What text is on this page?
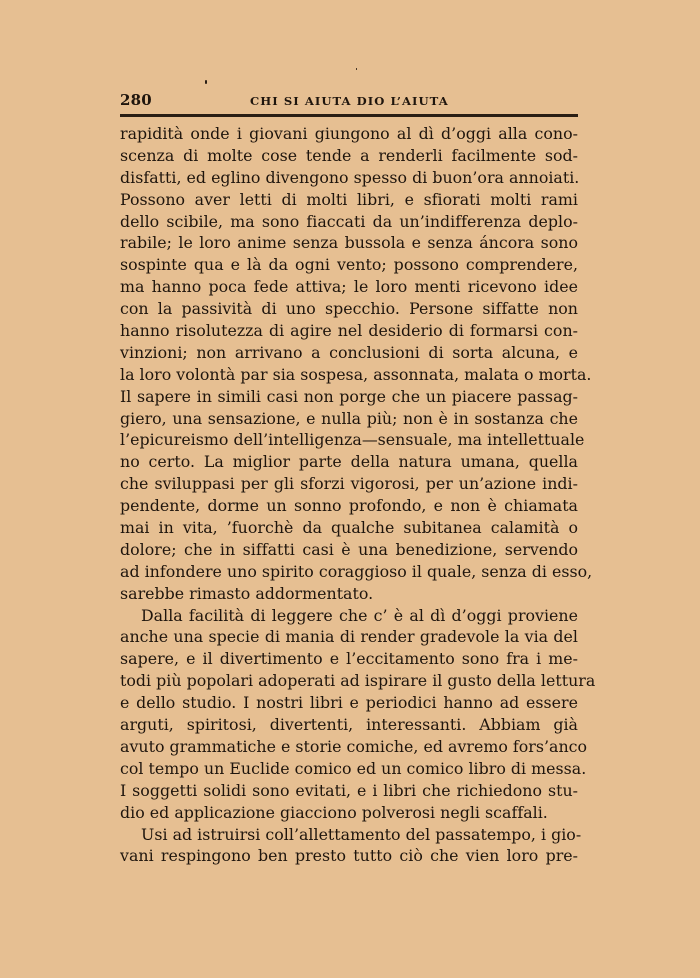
280	CHI SI AIUTA DIO L’AIUTA
rapidità onde i giovani giungono al dì d’oggi alla cono-
scenza di molte cose tende a renderli facilmente sod-
disfatti, ed eglino divengono spesso di buon’ora annoiati.
Possono aver letti di molti libri, e sfiorati molti rami
dello scibile, ma sono fiaccati da un’indifferenza deplo-
rabile; le loro anime senza bussola e senza áncora sono
sospinte qua e là da ogni vento; possono comprendere,
ma hanno poca fede attiva; le loro menti ricevono idee
con la passività di uno specchio. Persone siffatte non
hanno risolutezza di agire nel desiderio di formarsi con-
vinzioni; non arrivano a conclusioni di sorta alcuna, e
la loro volontà par sia sospesa, assonnata, malata o morta.
Il sapere in simili casi non porge che un piacere passag-
giero, una sensazione, e nulla più; non è in sostanza che
l’epicureismo dell’intelligenza—sensuale, ma intellettuale
no certo. La miglior parte della natura umana, quella
che sviluppasi per gli sforzi vigorosi, per un’azione indi-
pendente, dorme un sonno profondo, e non è chiamata
mai in vita, ’fuorchè da qualche subitanea calamità o
dolore; che in siffatti casi è una benedizione, servendo
ad infondere uno spirito coraggioso il quale, senza di esso,
sarebbe rimasto addormentato.
Dalla facilità di leggere che c’ è al dì d’oggi proviene
anche una specie di mania di render gradevole la via del
sapere, e il divertimento e l’eccitamento sono fra i me-
todi più popolari adoperati ad ispirare il gusto della lettura
e dello studio. I nostri libri e periodici hanno ad essere
arguti, spiritosi, divertenti, interessanti. Abbiam già
avuto grammatiche e storie comiche, ed avremo fors’anco
col tempo un Euclide comico ed un comico libro di messa.
I soggetti solidi sono evitati, e i libri che richiedono stu-
dio ed applicazione giacciono polverosi negli scaffali.
Usi ad istruirsi coll’allettamento del passatempo, i gio-
vani respingono ben presto tutto ciò che vien loro pre-
